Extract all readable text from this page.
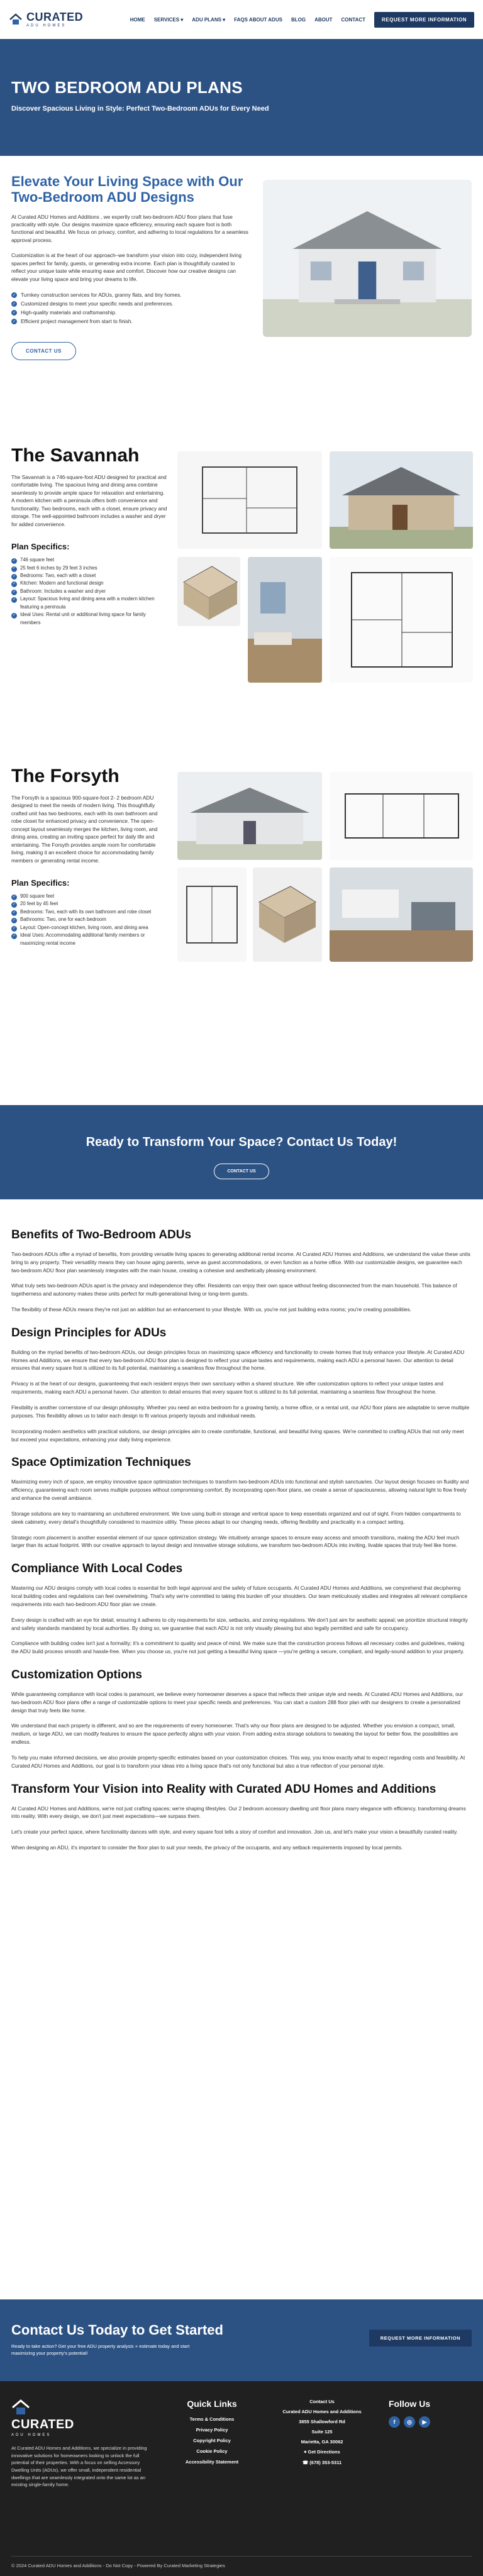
CURATED
ADU HOMES
HOME SERVICES ▾ ADU PLANS ▾ FAQS ABOUT ADUS BLOG ABOUT CONTACT	REQUEST MORE INFORMATION
TWO BEDROOM ADU PLANS

Discover Spacious Living in Style: Perfect Two-Bedroom ADUs for Every Need

Elevate Your Living Space with Our Two-Bedroom ADU Designs

At Curated ADU Homes and Additions , we expertly craft two-bedroom ADU floor plans that fuse practicality with style. Our designs maximize space efficiency, ensuring each square foot is both functional and beautiful. We focus on privacy, comfort, and adhering to local regulations for a seamless approval process.

Customization is at the heart of our approach–we transform your vision into cozy, independent living spaces perfect for family, guests, or generating extra income. Each plan is thoughtfully curated to reflect your unique taste while ensuring ease and comfort. Discover how our creative designs can elevate your living space and bring your dreams to life.

✓ Turnkey construction services for ADUs, granny flats, and tiny homes.
✓ Customized designs to meet your specific needs and preferences.
✓ High-quality materials and craftsmanship.
✓ Efficient project management from start to finish.
CONTACT US
The Savannah

The Savannah is a 746-square-foot ADU designed for practical and comfortable living. The spacious living and dining area combine seamlessly to provide ample space for relaxation and entertaining. A modern kitchen with a peninsula offers both convenience and functionality. Two bedrooms, each with a closet, ensure privacy and storage. The well-appointed bathroom includes a washer and dryer for added convenience.

Plan Specifics:
✓ 746 square feet
✓ 25 feet 6 inches by 29 feet 3 inches
✓ Bedrooms: Two, each with a closet
✓ Kitchen: Modern and functional design
✓ Bathroom: Includes a washer and dryer
✓ Layout: Spacious living and dining area with a modern kitchen featuring a peninsula
✓ Ideal Uses: Rental unit or additional living space for family members
The Forsyth

The Forsyth is a spacious 900-square-foot 2- 2 bedroom ADU designed to meet the needs of modern living. This thoughtfully crafted unit has two bedrooms, each with its own bathroom and robe closet for enhanced privacy and convenience. The open-concept layout seamlessly merges the kitchen, living room, and dining area, creating an inviting space perfect for daily life and entertaining. The Forsyth provides ample room for comfortable living, making it an excellent choice for accommodating family members or generating rental income.

Plan Specifics:
✓ 900 square feet
✓ 20 feet by 45 feet
✓ Bedrooms: Two, each with its own bathroom and robe closet
✓ Bathrooms: Two, one for each bedroom
✓ Layout: Open-concept kitchen, living room, and dining area
✓ Ideal Uses: Accommodating additional family members or maximizing rental income
Ready to Transform Your Space? Contact Us Today!
CONTACT US
Benefits of Two-Bedroom ADUs

Two-bedroom ADUs offer a myriad of benefits, from providing versatile living spaces to generating additional rental income. At Curated ADU Homes and Additions, we understand the value these units bring to any property. Their versatility means they can house aging parents, serve as guest accommodations, or even function as a home office. With our customizable designs, we guarantee each two-bedroom ADU floor plan seamlessly integrates with the main house, creating a cohesive and aesthetically pleasing environment.

What truly sets two-bedroom ADUs apart is the privacy and independence they offer. Residents can enjoy their own space without feeling disconnected from the main household. This balance of togetherness and autonomy makes these units perfect for multi-generational living or long-term guests.

The flexibility of these ADUs means they're not just an addition but an enhancement to your lifestyle. With us, you're not just building extra rooms; you're creating possibilities.

Design Principles for ADUs

Building on the myriad benefits of two-bedroom ADUs, our design principles focus on maximizing space efficiency and functionality to create homes that truly enhance your lifestyle. At Curated ADU Homes and Additions, we ensure that every two-bedroom ADU floor plan is designed to reflect your unique tastes and requirements, making each ADU a personal haven. Our attention to detail ensures that every square foot is utilized to its full potential, maintaining a seamless flow throughout the home.

Privacy is at the heart of our designs, guaranteeing that each resident enjoys their own sanctuary within a shared structure. We offer customization options to reflect your unique tastes and requirements, making each ADU a personal haven. Our attention to detail ensures that every square foot is utilized to its full potential, maintaining a seamless flow throughout the home.

Flexibility is another cornerstone of our design philosophy. Whether you need an extra bedroom for a growing family, a home office, or a rental unit, our ADU floor plans are adaptable to serve multiple purposes. This flexibility allows us to tailor each design to fit various property layouts and individual needs.

Incorporating modern aesthetics with practical solutions, our design principles aim to create comfortable, functional, and beautiful living spaces. We're committed to crafting ADUs that not only meet but exceed your expectations, enhancing your daily living experience.

Space Optimization Techniques

Maximizing every inch of space, we employ innovative space optimization techniques to transform two-bedroom ADUs into functional and stylish sanctuaries. Our layout design focuses on fluidity and efficiency, guaranteeing each room serves multiple purposes without compromising comfort. By incorporating open-floor plans, we create a sense of spaciousness, allowing natural light to flow freely and enhance the overall ambiance.

Storage solutions are key to maintaining an uncluttered environment. We love using built-in storage and vertical space to keep essentials organized and out of sight. From hidden compartments to sleek cabinetry, every detail's thoughtfully considered to maximize utility. These pieces adapt to our changing needs, offering flexibility and practicality in a compact setting.

Strategic room placement is another essential element of our space optimization strategy. We intuitively arrange spaces to ensure easy access and smooth transitions, making the ADU feel much larger than its actual footprint. With our creative approach to layout design and innovative storage solutions, we transform two-bedroom ADUs into inviting, livable spaces that truly feel like home.

Compliance With Local Codes

Mastering our ADU designs comply with local codes is essential for both legal approval and the safety of future occupants. At Curated ADU Homes and Additions, we comprehend that deciphering local building codes and regulations can feel overwhelming. That's why we're committed to taking this burden off your shoulders. Our team meticulously studies and integrates all relevant compliance requirements into each two-bedroom ADU floor plan we create.

Every design is crafted with an eye for detail, ensuring it adheres to city requirements for size, setbacks, and zoning regulations. We don't just aim for aesthetic appeal; we prioritize structural integrity and safety standards mandated by local authorities. By doing so, we guarantee that each ADU is not only visually pleasing but also legally permitted and safe for occupancy.

Compliance with building codes isn't just a formality; it's a commitment to quality and peace of mind. We make sure that the construction process follows all necessary codes and guidelines, making the ADU build process smooth and hassle-free. When you choose us, you're not just getting a beautiful living space —you're getting a secure, compliant, and legally-sound addition to your property.

Customization Options

While guaranteeing compliance with local codes is paramount, we believe every homeowner deserves a space that reflects their unique style and needs. At Curated ADU Homes and Additions, our two-bedroom ADU floor plans offer a range of customizable options to meet your specific needs and preferences. You can start a custom 288 floor plan with our designers to create a personalized design that truly feels like home.

We understand that each property is different, and so are the requirements of every homeowner. That's why our floor plans are designed to be adjusted. Whether you envision a compact, small, medium, or large ADU, we can modify features to ensure the space perfectly aligns with your vision. From adding extra storage solutions to tweaking the layout for better flow, the possibilities are endless.

To help you make informed decisions, we also provide property-specific estimates based on your customization choices. This way, you know exactly what to expect regarding costs and feasibility. At Curated ADU Homes and Additions, our goal is to transform your ideas into a living space that's not only functional but also a true reflection of your personal style.

Transform Your Vision into Reality with Curated ADU Homes and Additions

At Curated ADU Homes and Additions, we're not just crafting spaces; we're shaping lifestyles. Our 2 bedroom accessory dwelling unit floor plans marry elegance with efficiency, transforming dreams into reality. With every design, we don't just meet expectations—we surpass them.

Let's create your perfect space, where functionality dances with style, and every square foot tells a story of comfort and innovation. Join us, and let's make your vision a beautifully curated reality.

When designing an ADU, it's important to consider the floor plan to suit your needs, the privacy of the occupants, and any setback requirements imposed by local permits.

Contact Us Today to Get Started

Ready to take action? Get your free ADU property analysis + estimate today and start maximizing your property's potential!

REQUEST MORE INFORMATION
CURATED
ADU HOMES

At Curated ADU Homes and Additions, we specialize in providing innovative solutions for homeowners looking to unlock the full potential of their properties. With a focus on selling Accessory Dwelling Units (ADUs), we offer small, independent residential dwellings that are seamlessly integrated onto the same lot as an existing single-family home.

Quick Links
Terms & Conditions
Privacy Policy
Copyright Policy
Cookie Policy
Accessibility Statement
Contact Us
Curated ADU Homes and Additions
3855 Shallowford Rd
Suite 125
Marietta, GA 30062
⌖ Get Directions
☎ (678) 353-5311
Follow Us
f	◎	▶
© 2024 Curated ADU Homes and Additions - Do Not Copy - Powered By Curated Marketing Strategies
